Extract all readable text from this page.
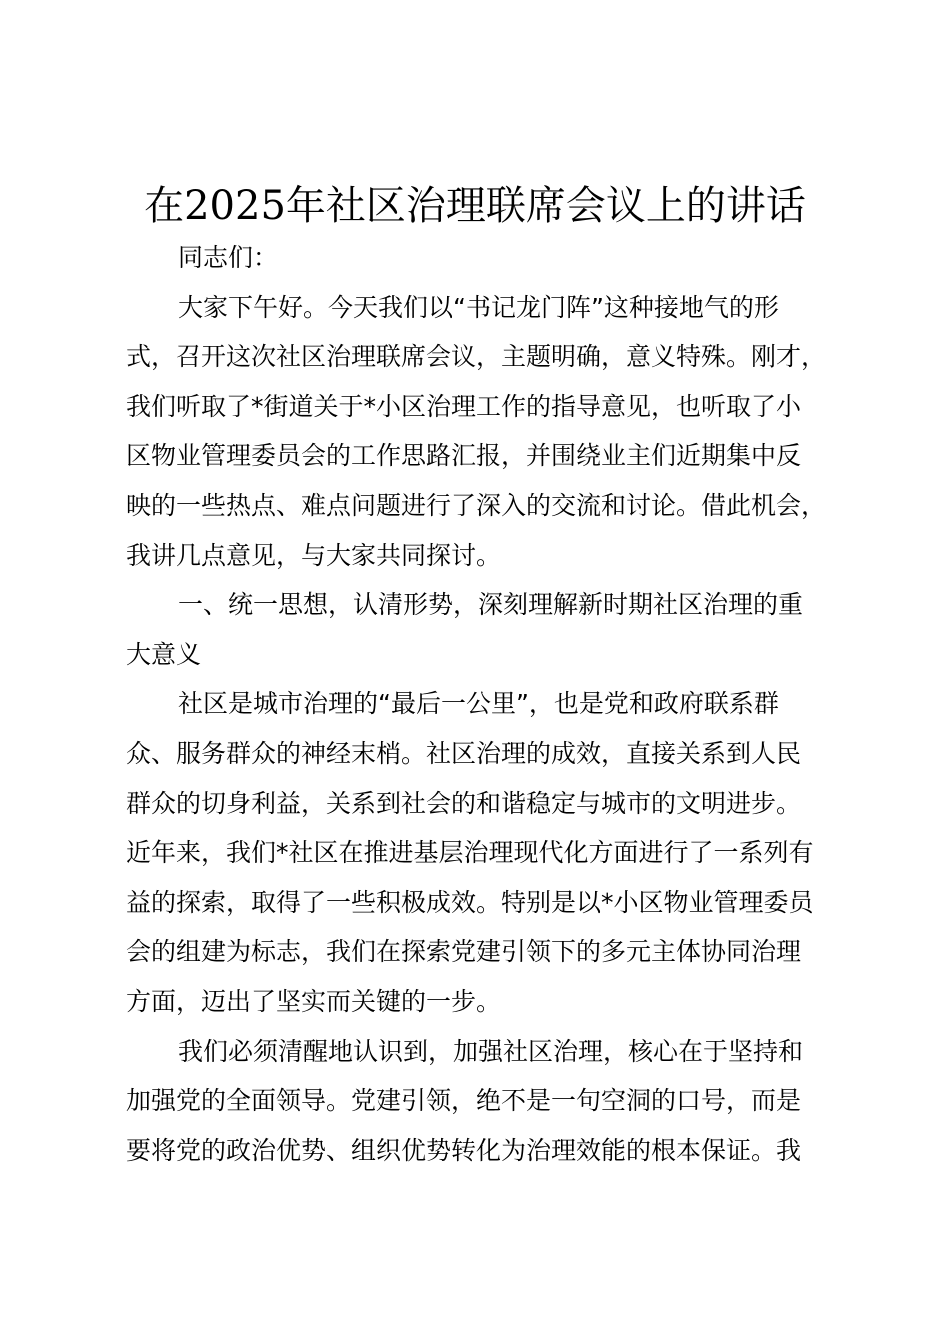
在2025年社区治理联席会议上的讲话
同志们：
大家下午好。今天我们以“书记龙门阵”这种接地气的形
式，召开这次社区治理联席会议，主题明确，意义特殊。刚才，
我们听取了*街道关于*小区治理工作的指导意见，也听取了小
区物业管理委员会的工作思路汇报，并围绕业主们近期集中反
映的一些热点、难点问题进行了深入的交流和讨论。借此机会，
我讲几点意见，与大家共同探讨。
一、统一思想，认清形势，深刻理解新时期社区治理的重
大意义
社区是城市治理的“最后一公里”，也是党和政府联系群
众、服务群众的神经末梢。社区治理的成效，直接关系到人民
群众的切身利益，关系到社会的和谐稳定与城市的文明进步。
近年来，我们*社区在推进基层治理现代化方面进行了一系列有
益的探索，取得了一些积极成效。特别是以*小区物业管理委员
会的组建为标志，我们在探索党建引领下的多元主体协同治理
方面，迈出了坚实而关键的一步。
我们必须清醒地认识到，加强社区治理，核心在于坚持和
加强党的全面领导。党建引领，绝不是一句空洞的口号，而是
要将党的政治优势、组织优势转化为治理效能的根本保证。我
